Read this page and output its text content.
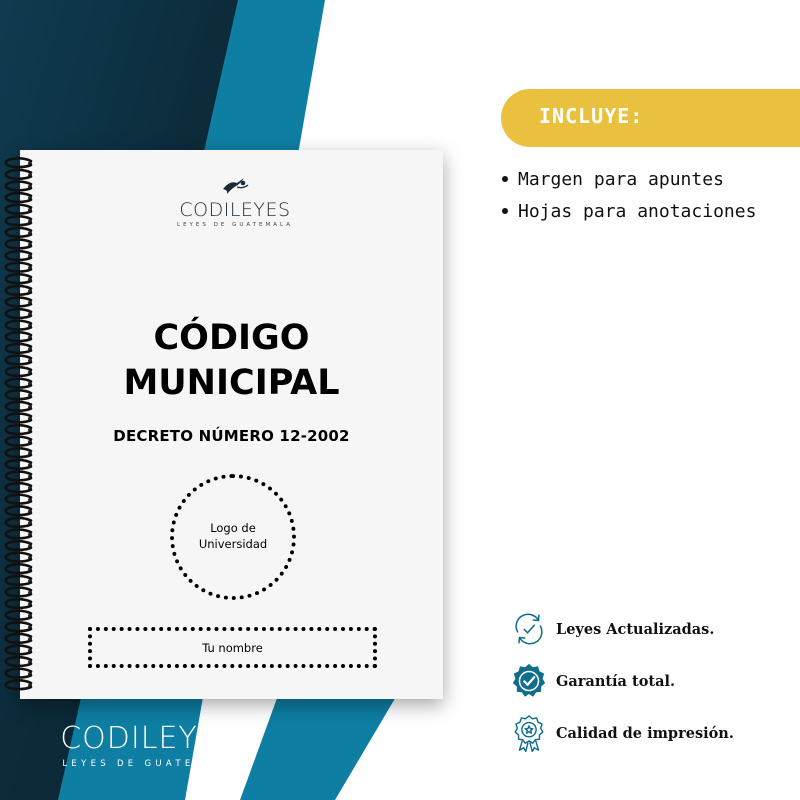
CODILEYES
LEYES DE GUATEMALA
CÓDIGO
MUNICIPAL
DECRETO NÚMERO 12-2002
Logo de
Universidad
Tu nombre
INCLUYE:
Margen para apuntes
Hojas para anotaciones
Leyes Actualizadas.
Garantía total.
Calidad de impresión.
CODILEYES
LEYES DE GUATEMALA
